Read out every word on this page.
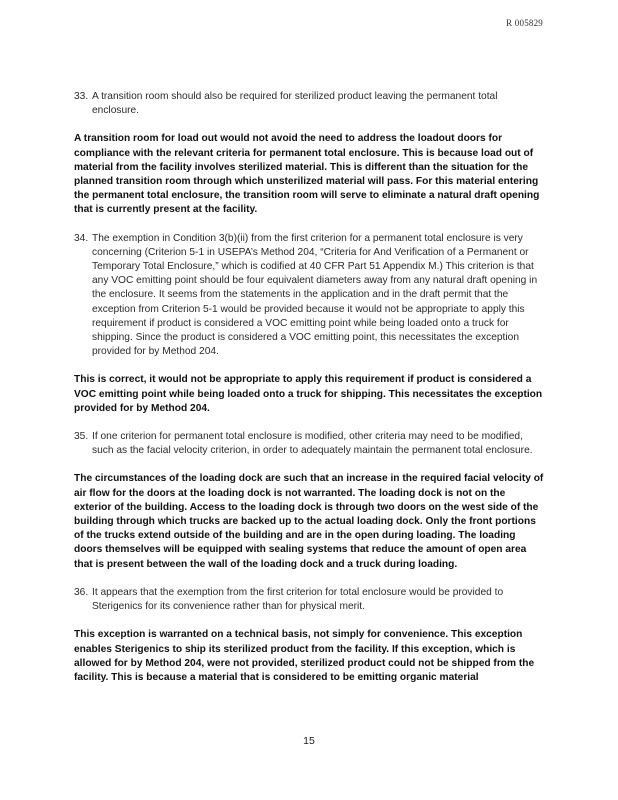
R 005829
33. A transition room should also be required for sterilized product leaving the permanent total enclosure.

A transition room for load out would not avoid the need to address the loadout doors for compliance with the relevant criteria for permanent total enclosure. This is because load out of material from the facility involves sterilized material. This is different than the situation for the planned transition room through which unsterilized material will pass. For this material entering the permanent total enclosure, the transition room will serve to eliminate a natural draft opening that is currently present at the facility.

34. The exemption in Condition 3(b)(ii) from the first criterion for a permanent total enclosure is very concerning (Criterion 5-1 in USEPA’s Method 204, “Criteria for And Verification of a Permanent or Temporary Total Enclosure,” which is codified at 40 CFR Part 51 Appendix M.) This criterion is that any VOC emitting point should be four equivalent diameters away from any natural draft opening in the enclosure. It seems from the statements in the application and in the draft permit that the exception from Criterion 5-1 would be provided because it would not be appropriate to apply this requirement if product is considered a VOC emitting point while being loaded onto a truck for shipping. Since the product is considered a VOC emitting point, this necessitates the exception provided for by Method 204.

This is correct, it would not be appropriate to apply this requirement if product is considered a VOC emitting point while being loaded onto a truck for shipping. This necessitates the exception provided for by Method 204.

35. If one criterion for permanent total enclosure is modified, other criteria may need to be modified, such as the facial velocity criterion, in order to adequately maintain the permanent total enclosure.

The circumstances of the loading dock are such that an increase in the required facial velocity of air flow for the doors at the loading dock is not warranted. The loading dock is not on the exterior of the building. Access to the loading dock is through two doors on the west side of the building through which trucks are backed up to the actual loading dock. Only the front portions of the trucks extend outside of the building and are in the open during loading. The loading doors themselves will be equipped with sealing systems that reduce the amount of open area that is present between the wall of the loading dock and a truck during loading.

36. It appears that the exemption from the first criterion for total enclosure would be provided to Sterigenics for its convenience rather than for physical merit.

This exception is warranted on a technical basis, not simply for convenience. This exception enables Sterigenics to ship its sterilized product from the facility. If this exception, which is allowed for by Method 204, were not provided, sterilized product could not be shipped from the facility. This is because a material that is considered to be emitting organic material

15
